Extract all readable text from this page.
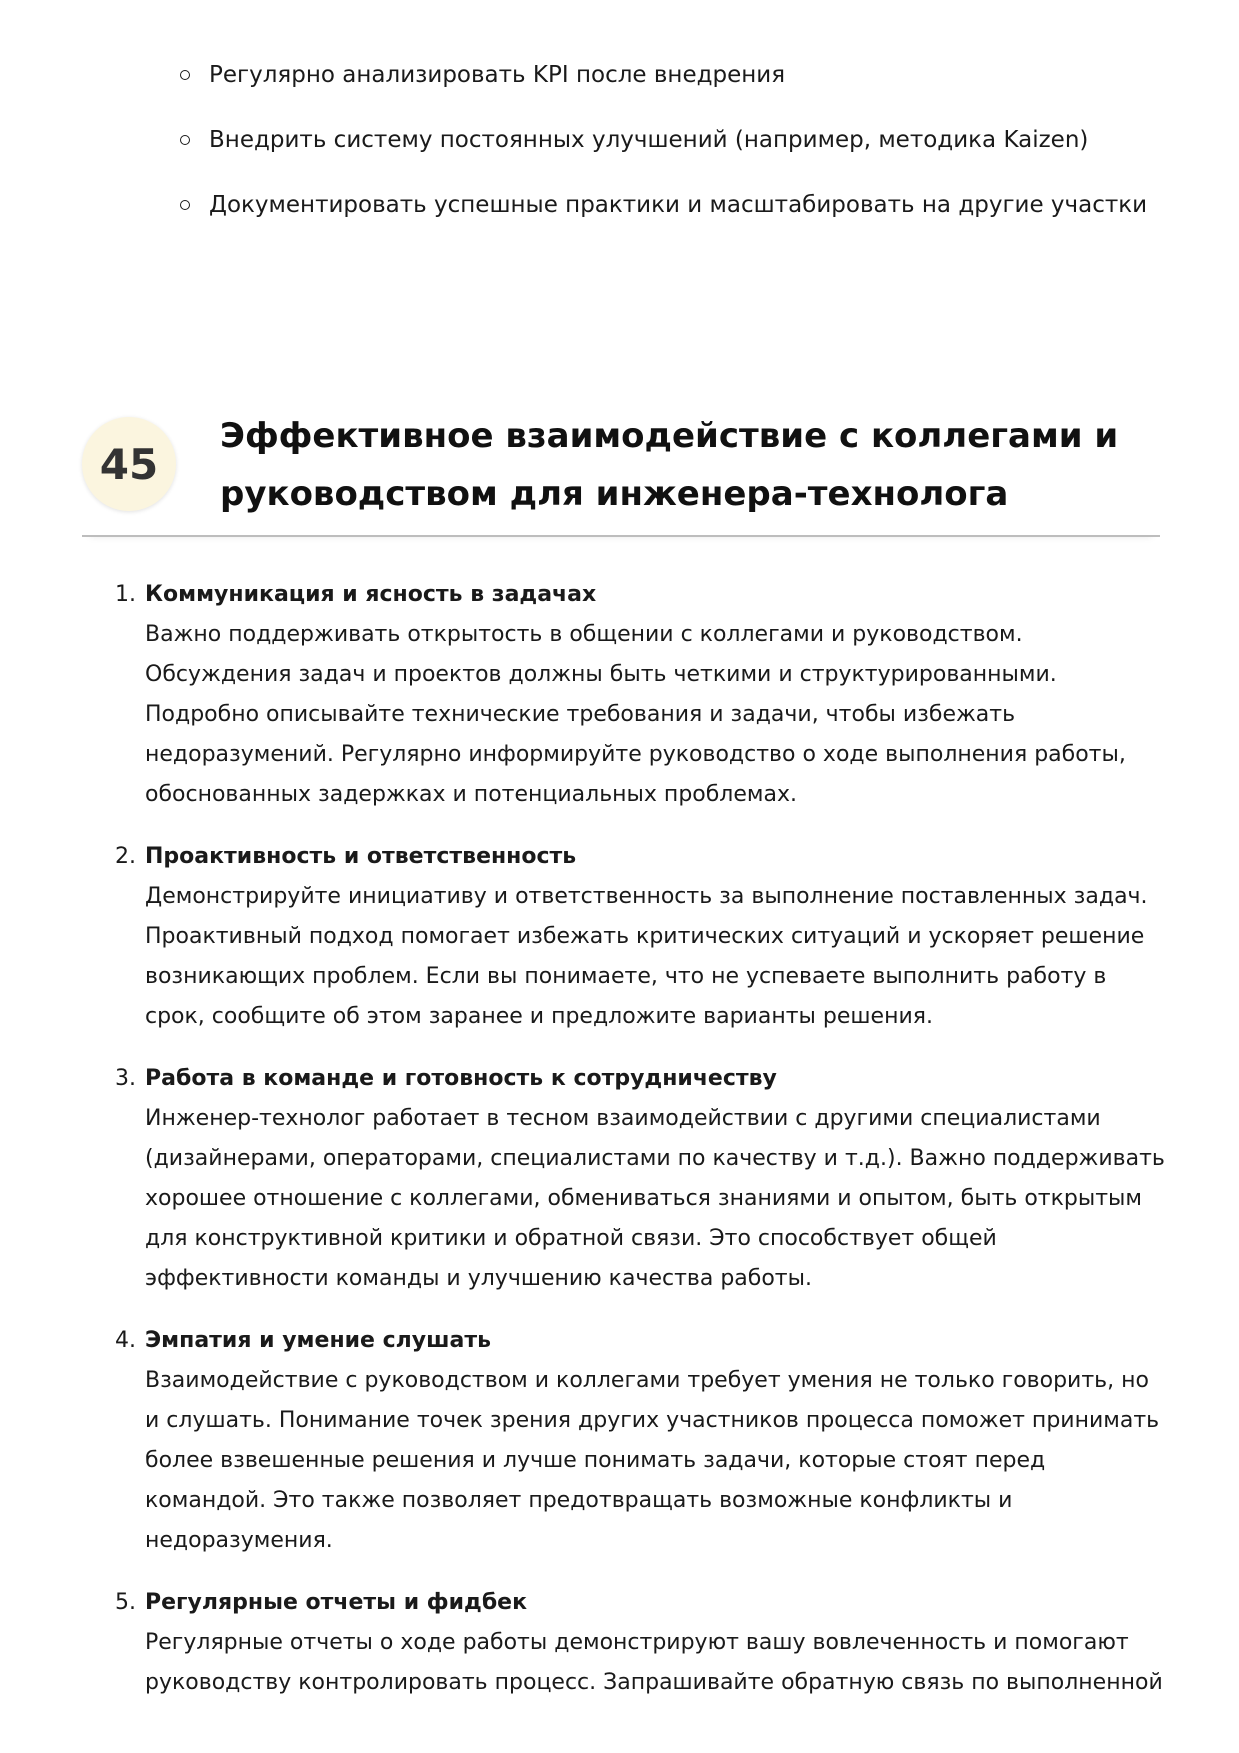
Регулярно анализировать KPI после внедрения
Внедрить систему постоянных улучшений (например, методика Kaizen)
Документировать успешные практики и масштабировать на другие участки
45
Эффективное взаимодействие с коллегами и руководством для инженера-технолога
1. Коммуникация и ясность в задачах
Важно поддерживать открытость в общении с коллегами и руководством. Обсуждения задач и проектов должны быть четкими и структурированными. Подробно описывайте технические требования и задачи, чтобы избежать недоразумений. Регулярно информируйте руководство о ходе выполнения работы, обоснованных задержках и потенциальных проблемах.
2. Проактивность и ответственность
Демонстрируйте инициативу и ответственность за выполнение поставленных задач. Проактивный подход помогает избежать критических ситуаций и ускоряет решение возникающих проблем. Если вы понимаете, что не успеваете выполнить работу в срок, сообщите об этом заранее и предложите варианты решения.
3. Работа в команде и готовность к сотрудничеству
Инженер-технолог работает в тесном взаимодействии с другими специалистами (дизайнерами, операторами, специалистами по качеству и т.д.). Важно поддерживать хорошее отношение с коллегами, обмениваться знаниями и опытом, быть открытым для конструктивной критики и обратной связи. Это способствует общей эффективности команды и улучшению качества работы.
4. Эмпатия и умение слушать
Взаимодействие с руководством и коллегами требует умения не только говорить, но и слушать. Понимание точек зрения других участников процесса поможет принимать более взвешенные решения и лучше понимать задачи, которые стоят перед командой. Это также позволяет предотвращать возможные конфликты и недоразумения.
5. Регулярные отчеты и фидбек
Регулярные отчеты о ходе работы демонстрируют вашу вовлеченность и помогают руководству контролировать процесс. Запрашивайте обратную связь по выполненной
